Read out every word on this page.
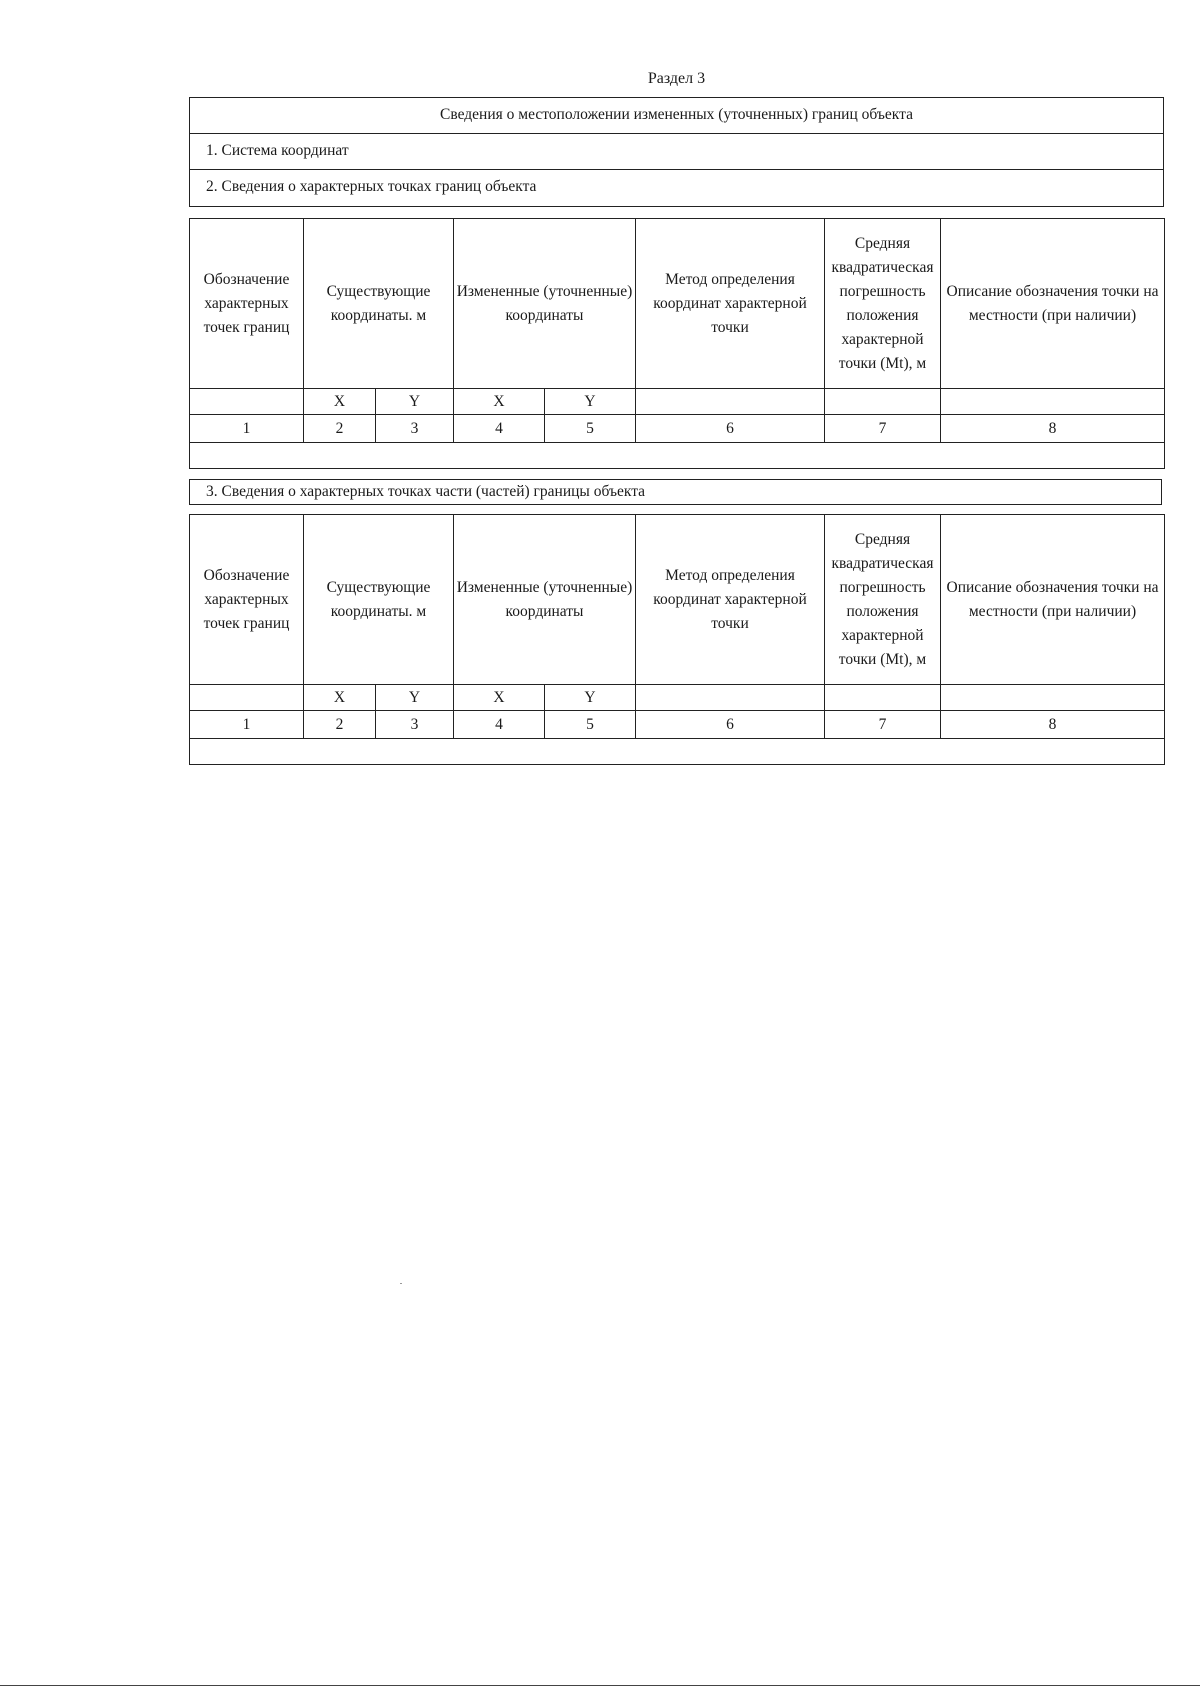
Раздел 3
Сведения о местоположении измененных (уточненных) границ объекта
1. Система координат
2. Сведения о характерных точках границ объекта
Обозначение характерных точек границ	Существующие координаты. м		Измененные (уточненные) координаты		Метод определения координат характерной точки	Средняя квадратическая погрешность положения характерной точки (Mt), м	Описание обозначения точки на местности (при наличии)
	X	Y	X	Y			
1	2	3	4	5	6	7	8

3. Сведения о характерных точках части (частей) границы объекта
Обозначение характерных точек границ	Существующие координаты. м		Измененные (уточненные) координаты		Метод определения координат характерной точки	Средняя квадратическая погрешность положения характерной точки (Mt), м	Описание обозначения точки на местности (при наличии)
	X	Y	X	Y			
1	2	3	4	5	6	7	8
